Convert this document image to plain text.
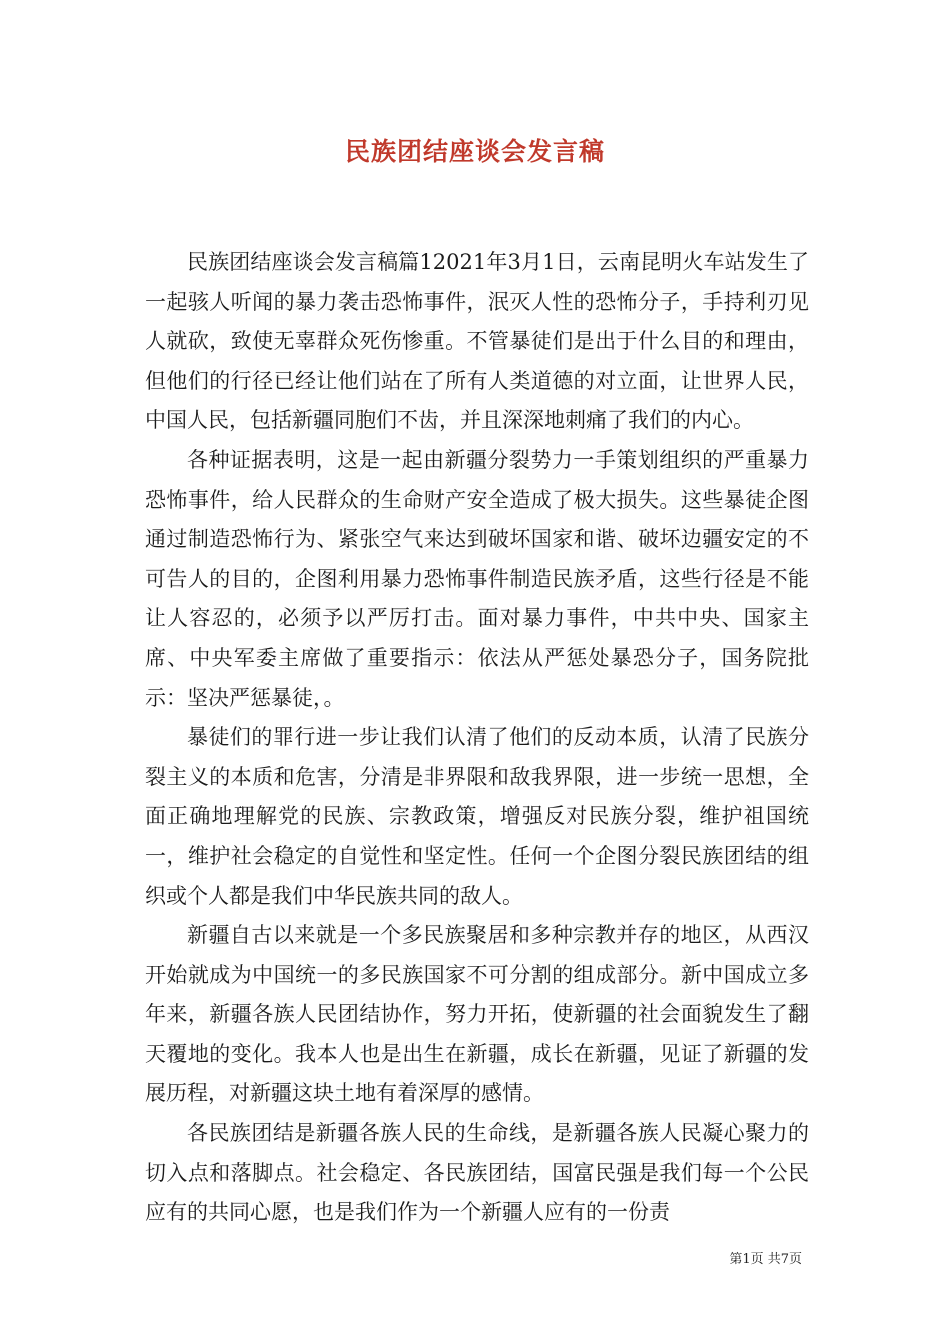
民族团结座谈会发言稿

民族团结座谈会发言稿篇12021年3月1日，云南昆明火车站发生了一起骇人听闻的暴力袭击恐怖事件，泯灭人性的恐怖分子，手持利刃见人就砍，致使无辜群众死伤惨重。不管暴徒们是出于什么目的和理由，但他们的行径已经让他们站在了所有人类道德的对立面，让世界人民，中国人民，包括新疆同胞们不齿，并且深深地刺痛了我们的内心。

各种证据表明，这是一起由新疆分裂势力一手策划组织的严重暴力恐怖事件，给人民群众的生命财产安全造成了极大损失。这些暴徒企图通过制造恐怖行为、紧张空气来达到破坏国家和谐、破坏边疆安定的不可告人的目的，企图利用暴力恐怖事件制造民族矛盾，这些行径是不能让人容忍的，必须予以严厉打击。面对暴力事件，中共中央、国家主席、中央军委主席做了重要指示：依法从严惩处暴恐分子，国务院批示：坚决严惩暴徒，。

暴徒们的罪行进一步让我们认清了他们的反动本质，认清了民族分裂主义的本质和危害，分清是非界限和敌我界限，进一步统一思想，全面正确地理解党的民族、宗教政策，增强反对民族分裂，维护祖国统一，维护社会稳定的自觉性和坚定性。任何一个企图分裂民族团结的组织或个人都是我们中华民族共同的敌人。

新疆自古以来就是一个多民族聚居和多种宗教并存的地区，从西汉开始就成为中国统一的多民族国家不可分割的组成部分。新中国成立多年来，新疆各族人民团结协作，努力开拓，使新疆的社会面貌发生了翻天覆地的变化。我本人也是出生在新疆，成长在新疆，见证了新疆的发展历程，对新疆这块土地有着深厚的感情。

各民族团结是新疆各族人民的生命线，是新疆各族人民凝心聚力的切入点和落脚点。社会稳定、各民族团结，国富民强是我们每一个公民应有的共同心愿，也是我们作为一个新疆人应有的一份责

第1页 共7页
